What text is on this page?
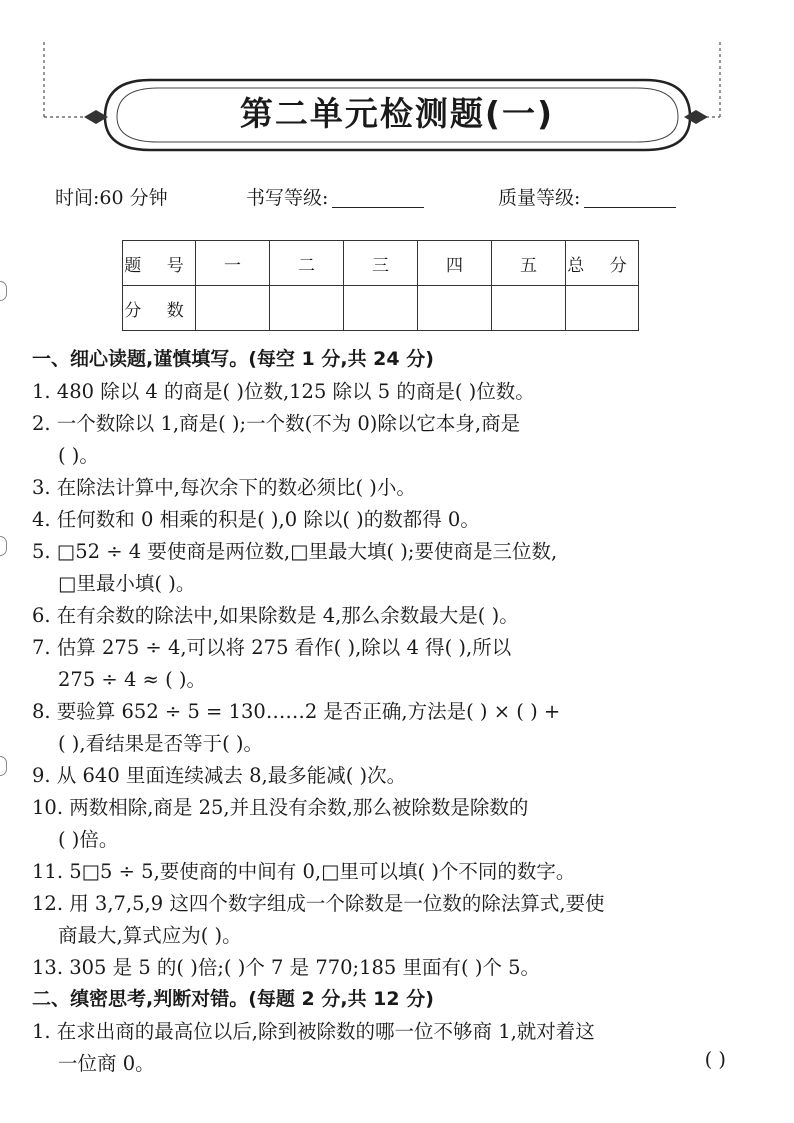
第二单元检测题(一)
时间:60 分钟	书写等级:	质量等级:
题 号	一	二	三	四	五	总 分
分 数						
一、细心读题,谨慎填写。(每空 1 分,共 24 分)
1. 480 除以 4 的商是( )位数,125 除以 5 的商是( )位数。
2. 一个数除以 1,商是( );一个数(不为 0)除以它本身,商是
( )。
3. 在除法计算中,每次余下的数必须比( )小。
4. 任何数和 0 相乘的积是( ),0 除以( )的数都得 0。
5. □52 ÷ 4 要使商是两位数,□里最大填( );要使商是三位数,
□里最小填( )。
6. 在有余数的除法中,如果除数是 4,那么余数最大是( )。
7. 估算 275 ÷ 4,可以将 275 看作( ),除以 4 得( ),所以
275 ÷ 4 ≈ ( )。
8. 要验算 652 ÷ 5 = 130……2 是否正确,方法是( ) × ( ) +
( ),看结果是否等于( )。
9. 从 640 里面连续减去 8,最多能减( )次。
10. 两数相除,商是 25,并且没有余数,那么被除数是除数的
( )倍。
11. 5□5 ÷ 5,要使商的中间有 0,□里可以填( )个不同的数字。
12. 用 3,7,5,9 这四个数字组成一个除数是一位数的除法算式,要使
商最大,算式应为( )。
13. 305 是 5 的( )倍;( )个 7 是 770;185 里面有( )个 5。
二、缜密思考,判断对错。(每题 2 分,共 12 分)
1. 在求出商的最高位以后,除到被除数的哪一位不够商 1,就对着这
一位商 0。	( )
